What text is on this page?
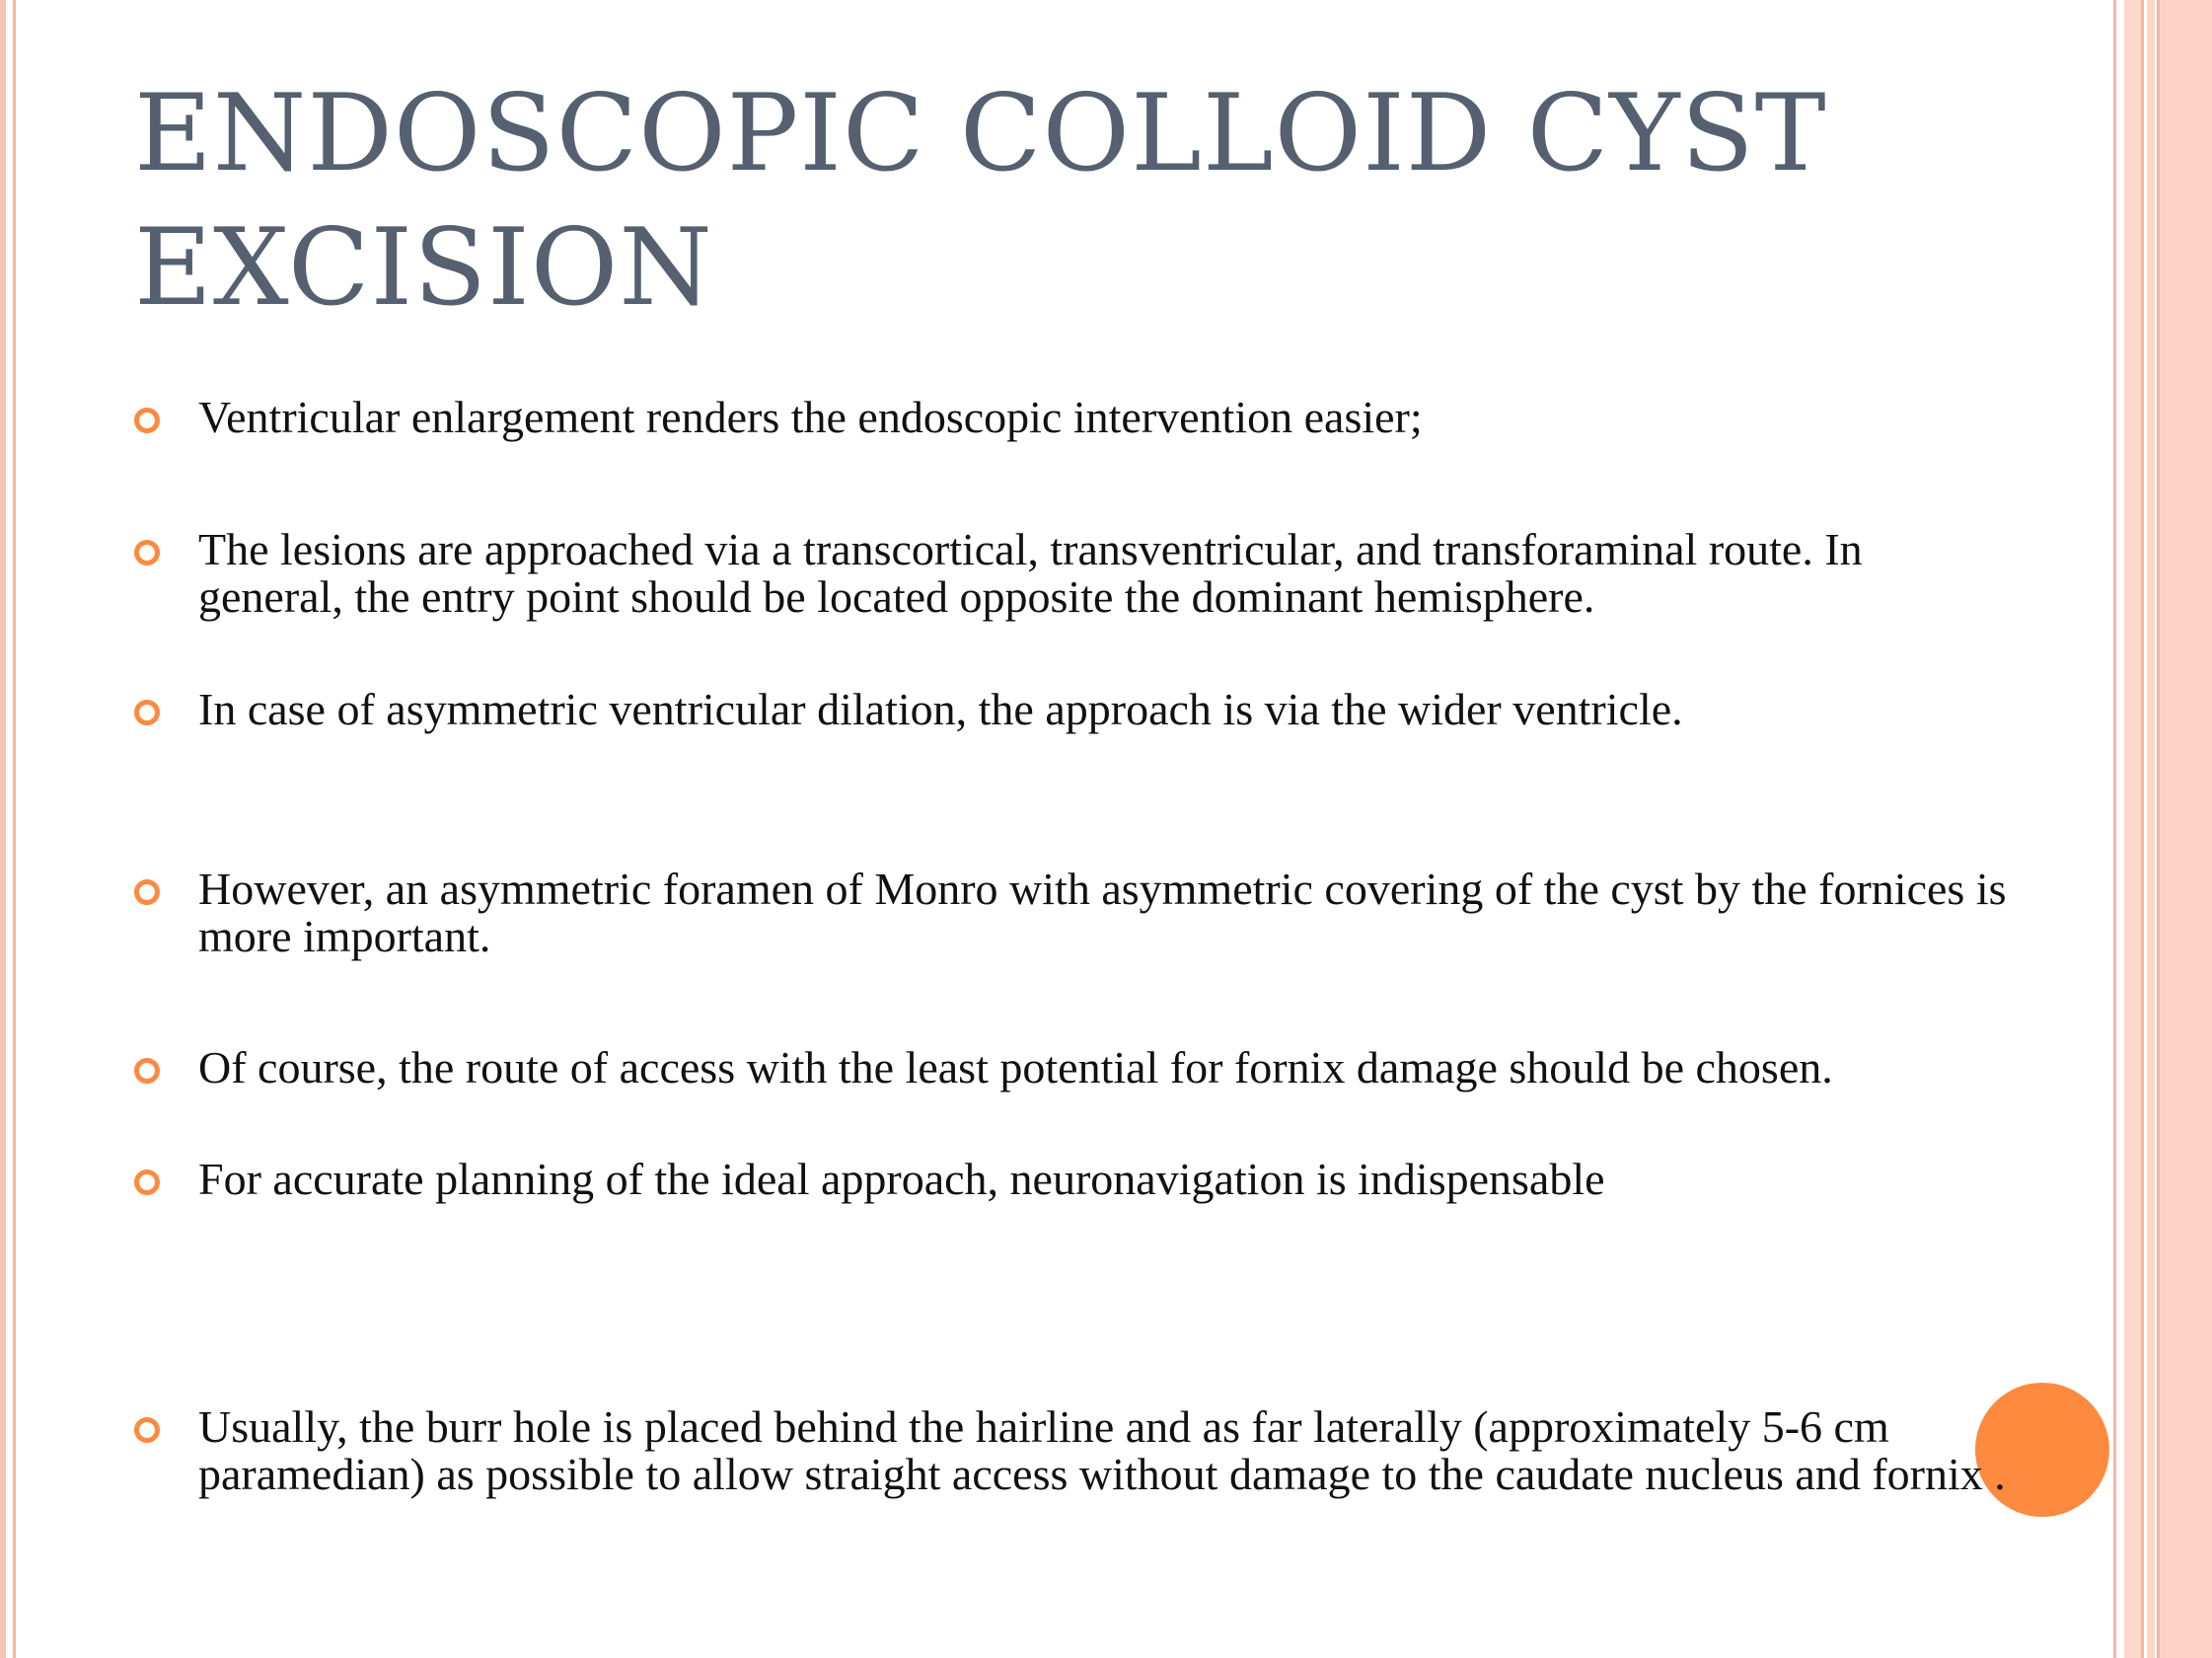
ENDOSCOPIC COLLOID CYST EXCISION
Ventricular enlargement renders the endoscopic intervention easier;
The lesions are approached via a transcortical, transventricular, and transforaminal route. In general, the entry point should be located opposite the dominant hemisphere.
In case of asymmetric ventricular dilation, the approach is via the wider ventricle.
However, an asymmetric foramen of Monro with asymmetric covering of the cyst by the fornices is more important.
Of course, the route of access with the least potential for fornix damage should be chosen.
For accurate planning of the ideal approach, neuronavigation is indispensable
Usually, the burr hole is placed behind the hairline and as far laterally (approximately 5-6 cm paramedian) as possible to allow straight access without damage to the caudate nucleus and fornix .
